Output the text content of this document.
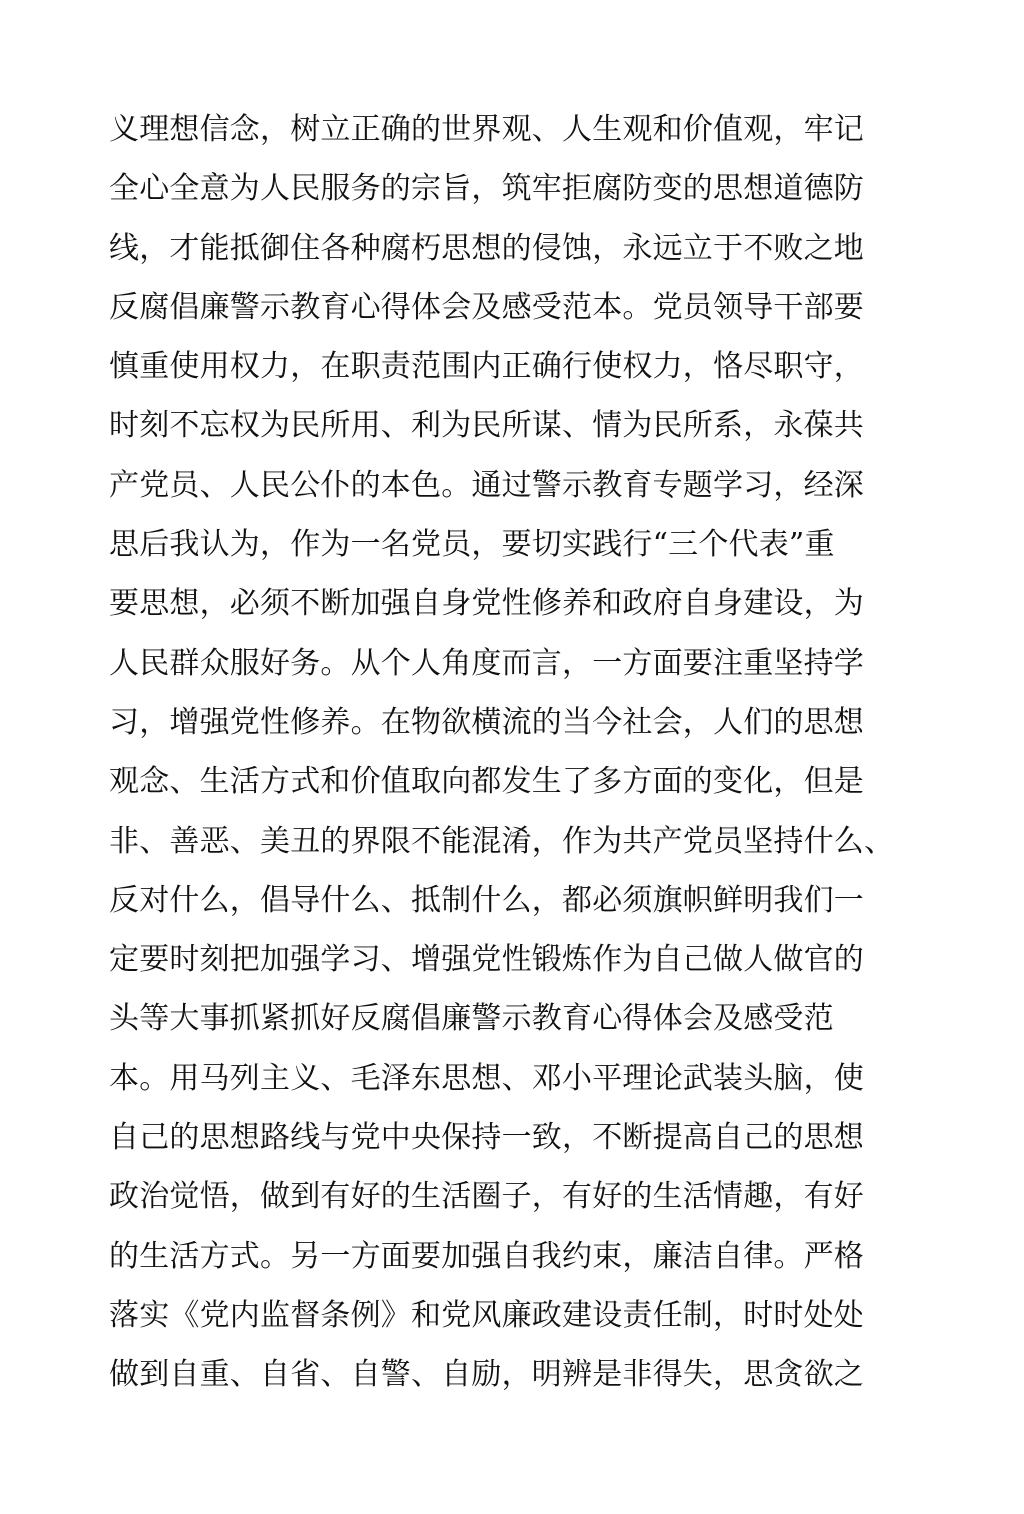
义理想信念，树立正确的世界观、人生观和价值观，牢记
全心全意为人民服务的宗旨，筑牢拒腐防变的思想道德防
线，才能抵御住各种腐朽思想的侵蚀，永远立于不败之地
反腐倡廉警示教育心得体会及感受范本。党员领导干部要
慎重使用权力，在职责范围内正确行使权力，恪尽职守，
时刻不忘权为民所用、利为民所谋、情为民所系，永葆共
产党员、人民公仆的本色。通过警示教育专题学习，经深
思后我认为，作为一名党员，要切实践行“三个代表”重
要思想，必须不断加强自身党性修养和政府自身建设，为
人民群众服好务。从个人角度而言，一方面要注重坚持学
习，增强党性修养。在物欲横流的当今社会，人们的思想
观念、生活方式和价值取向都发生了多方面的变化，但是
非、善恶、美丑的界限不能混淆，作为共产党员坚持什么、
反对什么，倡导什么、抵制什么，都必须旗帜鲜明我们一
定要时刻把加强学习、增强党性锻炼作为自己做人做官的
头等大事抓紧抓好反腐倡廉警示教育心得体会及感受范
本。用马列主义、毛泽东思想、邓小平理论武装头脑，使
自己的思想路线与党中央保持一致，不断提高自己的思想
政治觉悟，做到有好的生活圈子，有好的生活情趣，有好
的生活方式。另一方面要加强自我约束，廉洁自律。严格
落实《党内监督条例》和党风廉政建设责任制，时时处处
做到自重、自省、自警、自励，明辨是非得失，思贪欲之
